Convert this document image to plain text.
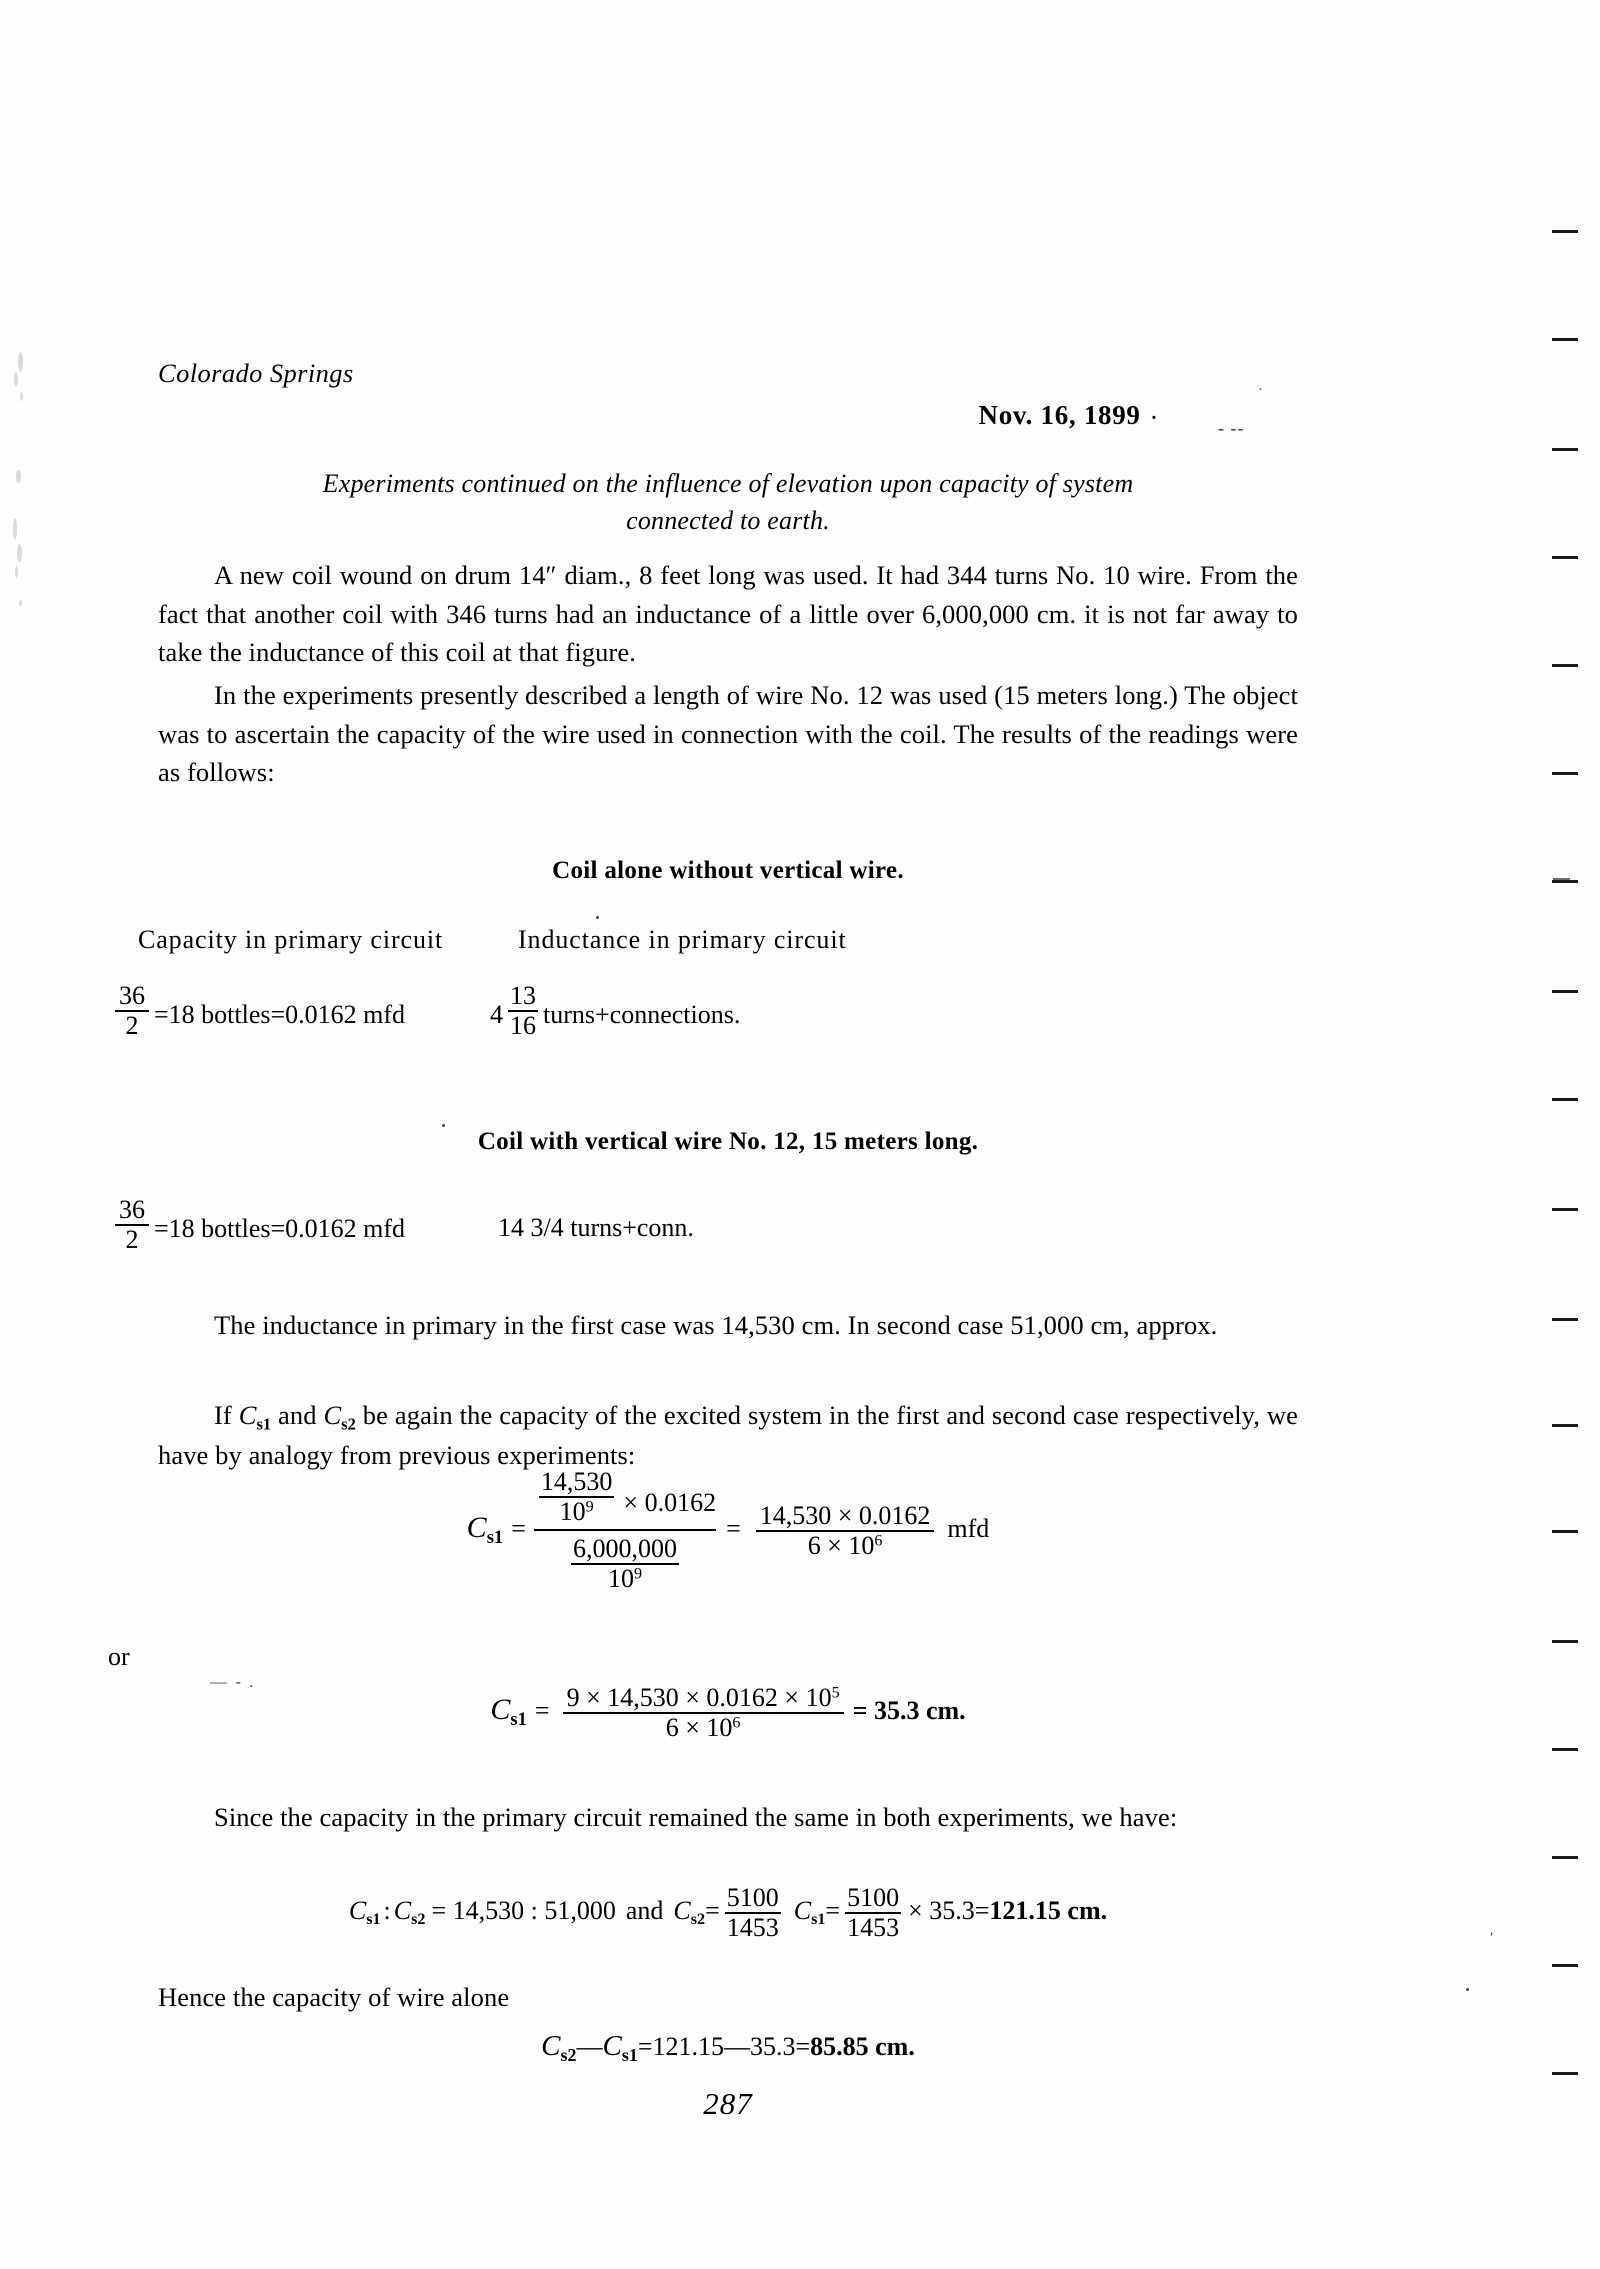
′
Colorado Springs
Nov. 16, 1899 ·	- --
·
Experiments continued on the influence of elevation upon capacity of system
connected to earth.
A new coil wound on drum 14″ diam., 8 feet long was used. It had 344 turns No. 10 wire. From the fact that another coil with 346 turns had an inductance of a little over 6,000,000 cm. it is not far away to take the inductance of this coil at that figure.
In the experiments presently described a length of wire No. 12 was used (15 meters long.) The object was to ascertain the capacity of the wire used in connection with the coil. The results of the readings were as follows:
Coil alone without vertical wire.
Capacity in primary circuit	Inductance in primary circuit
$\frac{36}{2} =18$ bottles=0.0162 mfd	$4 \frac{13}{16}$ turns+connections.
Coil with vertical wire No. 12, 15 meters long.
$\frac{36}{2} =18$ bottles=0.0162 mfd	14 3/4 turns+conn.
The inductance in primary in the first case was 14,530 cm. In second case 51,000 cm, approx.
If Cs1 and Cs2 be again the capacity of the excited system in the first and second case respectively, we have by analogy from previous experiments:
$Cs1 = \frac{\frac{14,530}{10^9} \times 0.0162}{\frac{6,000,000}{10^9}} = \frac{14,530 \times 0.0162}{6 \times 10^6}$ mfd
or
— - .
$Cs1 = \frac{9 \times 14,530 \times 0.0162 \times 10^5}{6 \times 10^6} = 35.3$ cm.
Since the capacity in the primary circuit remained the same in both experiments, we have:
Cs1 : Cs2 = 14,530 : 51,000 and $Cs2= \frac{5100}{1453} Cs1= \frac{5100}{1453} \times 35.3=121.15$ cm.
Hence the capacity of wire alone
Cs2—Cs1=121.15—35.3=85.85 cm.
287
